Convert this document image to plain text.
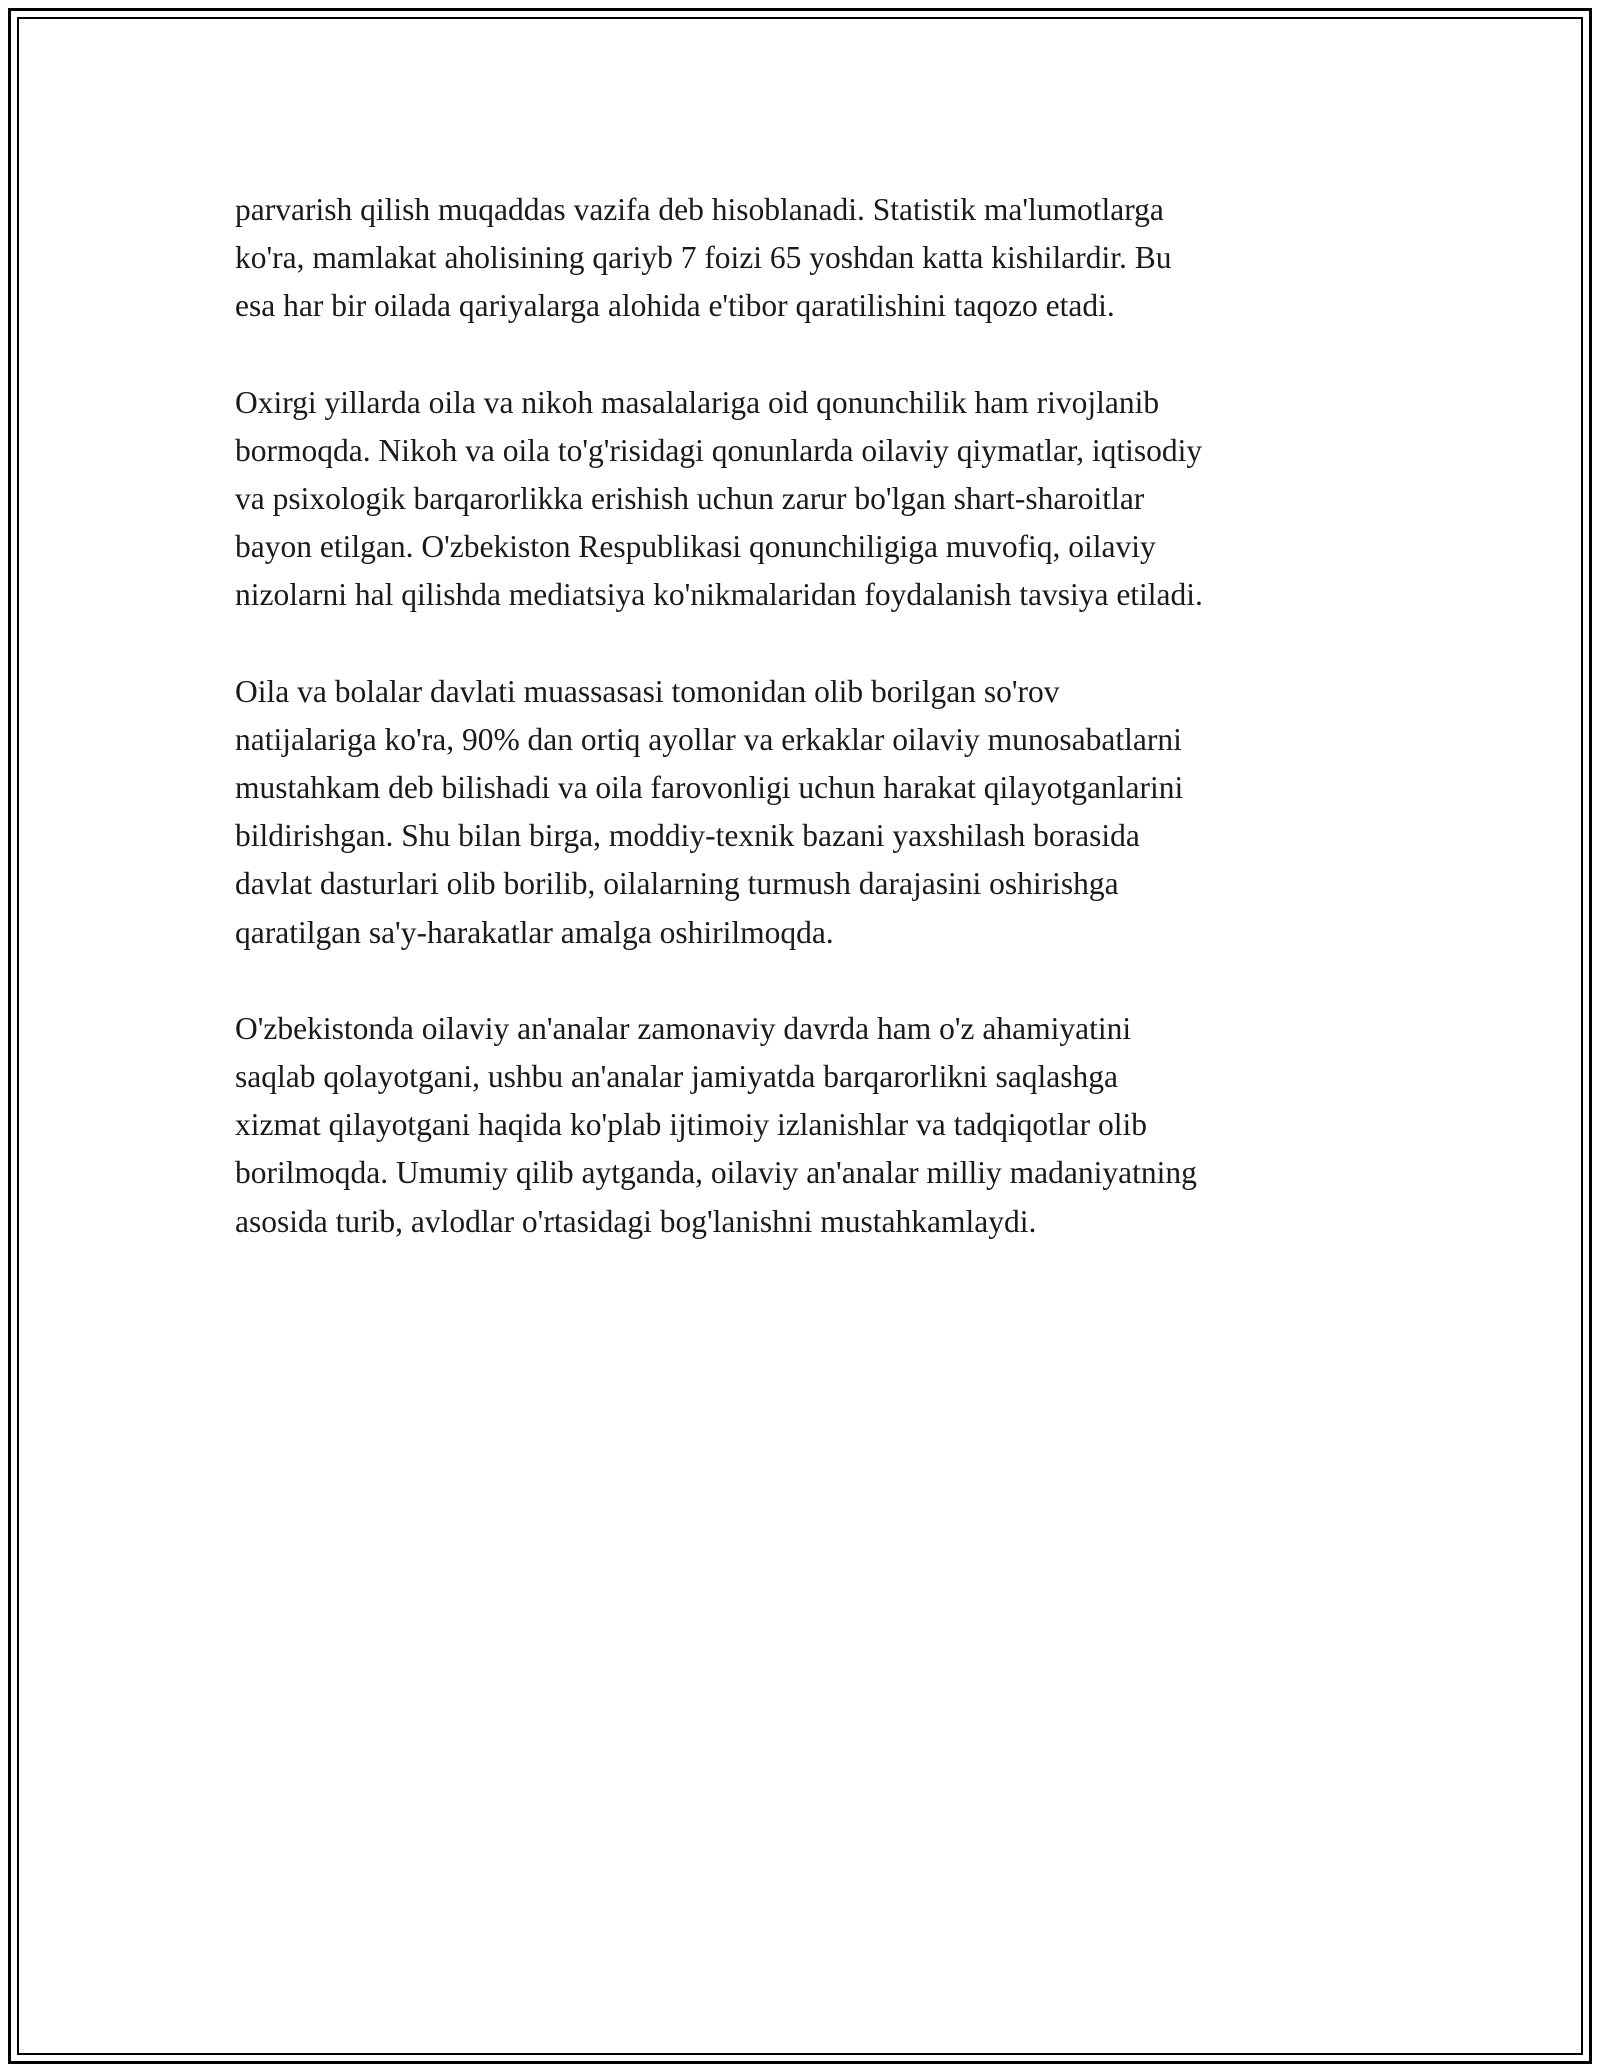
parvarish qilish muqaddas vazifa deb hisoblanadi. Statistik ma'lumotlarga
ko'ra, mamlakat aholisining qariyb 7 foizi 65 yoshdan katta kishilardir. Bu
esa har bir oilada qariyalarga alohida e'tibor qaratilishini taqozo etadi.

Oxirgi yillarda oila va nikoh masalalariga oid qonunchilik ham rivojlanib
bormoqda. Nikoh va oila to'g'risidagi qonunlarda oilaviy qiymatlar, iqtisodiy
va psixologik barqarorlikka erishish uchun zarur bo'lgan shart-sharoitlar
bayon etilgan. O'zbekiston Respublikasi qonunchiligiga muvofiq, oilaviy
nizolarni hal qilishda mediatsiya ko'nikmalaridan foydalanish tavsiya etiladi.

Oila va bolalar davlati muassasasi tomonidan olib borilgan so'rov
natijalariga ko'ra, 90% dan ortiq ayollar va erkaklar oilaviy munosabatlarni
mustahkam deb bilishadi va oila farovonligi uchun harakat qilayotganlarini
bildirishgan. Shu bilan birga, moddiy-texnik bazani yaxshilash borasida
davlat dasturlari olib borilib, oilalarning turmush darajasini oshirishga
qaratilgan sa'y-harakatlar amalga oshirilmoqda.

O'zbekistonda oilaviy an'analar zamonaviy davrda ham o'z ahamiyatini
saqlab qolayotgani, ushbu an'analar jamiyatda barqarorlikni saqlashga
xizmat qilayotgani haqida ko'plab ijtimoiy izlanishlar va tadqiqotlar olib
borilmoqda. Umumiy qilib aytganda, oilaviy an'analar milliy madaniyatning
asosida turib, avlodlar o'rtasidagi bog'lanishni mustahkamlaydi.
